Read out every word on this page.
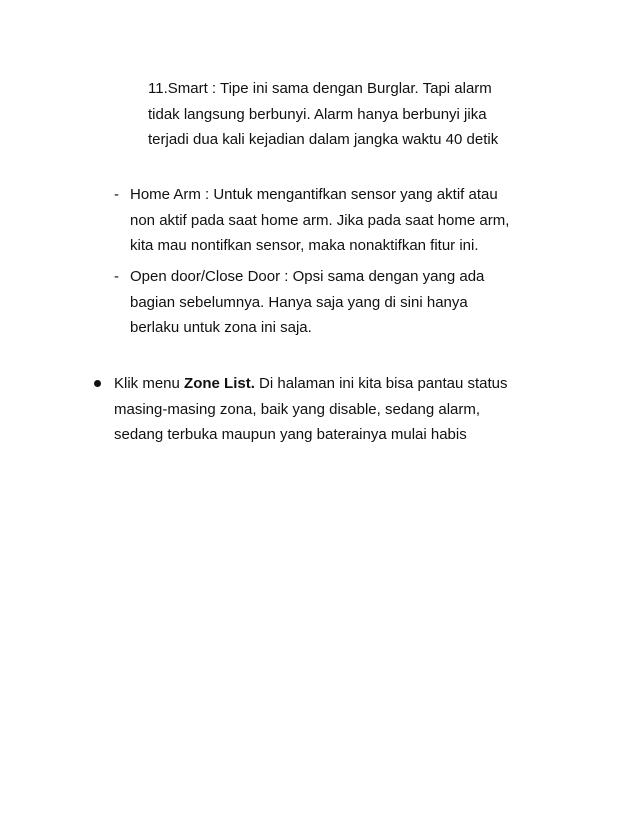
11.Smart : Tipe ini sama dengan Burglar. Tapi alarm
tidak langsung berbunyi. Alarm hanya berbunyi jika
terjadi dua kali kejadian dalam jangka waktu 40 detik
- Home Arm : Untuk mengantifkan sensor yang aktif atau
non aktif pada saat home arm. Jika pada saat home arm,
kita mau nontifkan sensor, maka nonaktifkan fitur ini.
- Open door/Close Door : Opsi sama dengan yang ada
bagian sebelumnya. Hanya saja yang di sini hanya
berlaku untuk zona ini saja.
Klik menu Zone List. Di halaman ini kita bisa pantau status
masing-masing zona, baik yang disable, sedang alarm,
sedang terbuka maupun yang baterainya mulai habis
